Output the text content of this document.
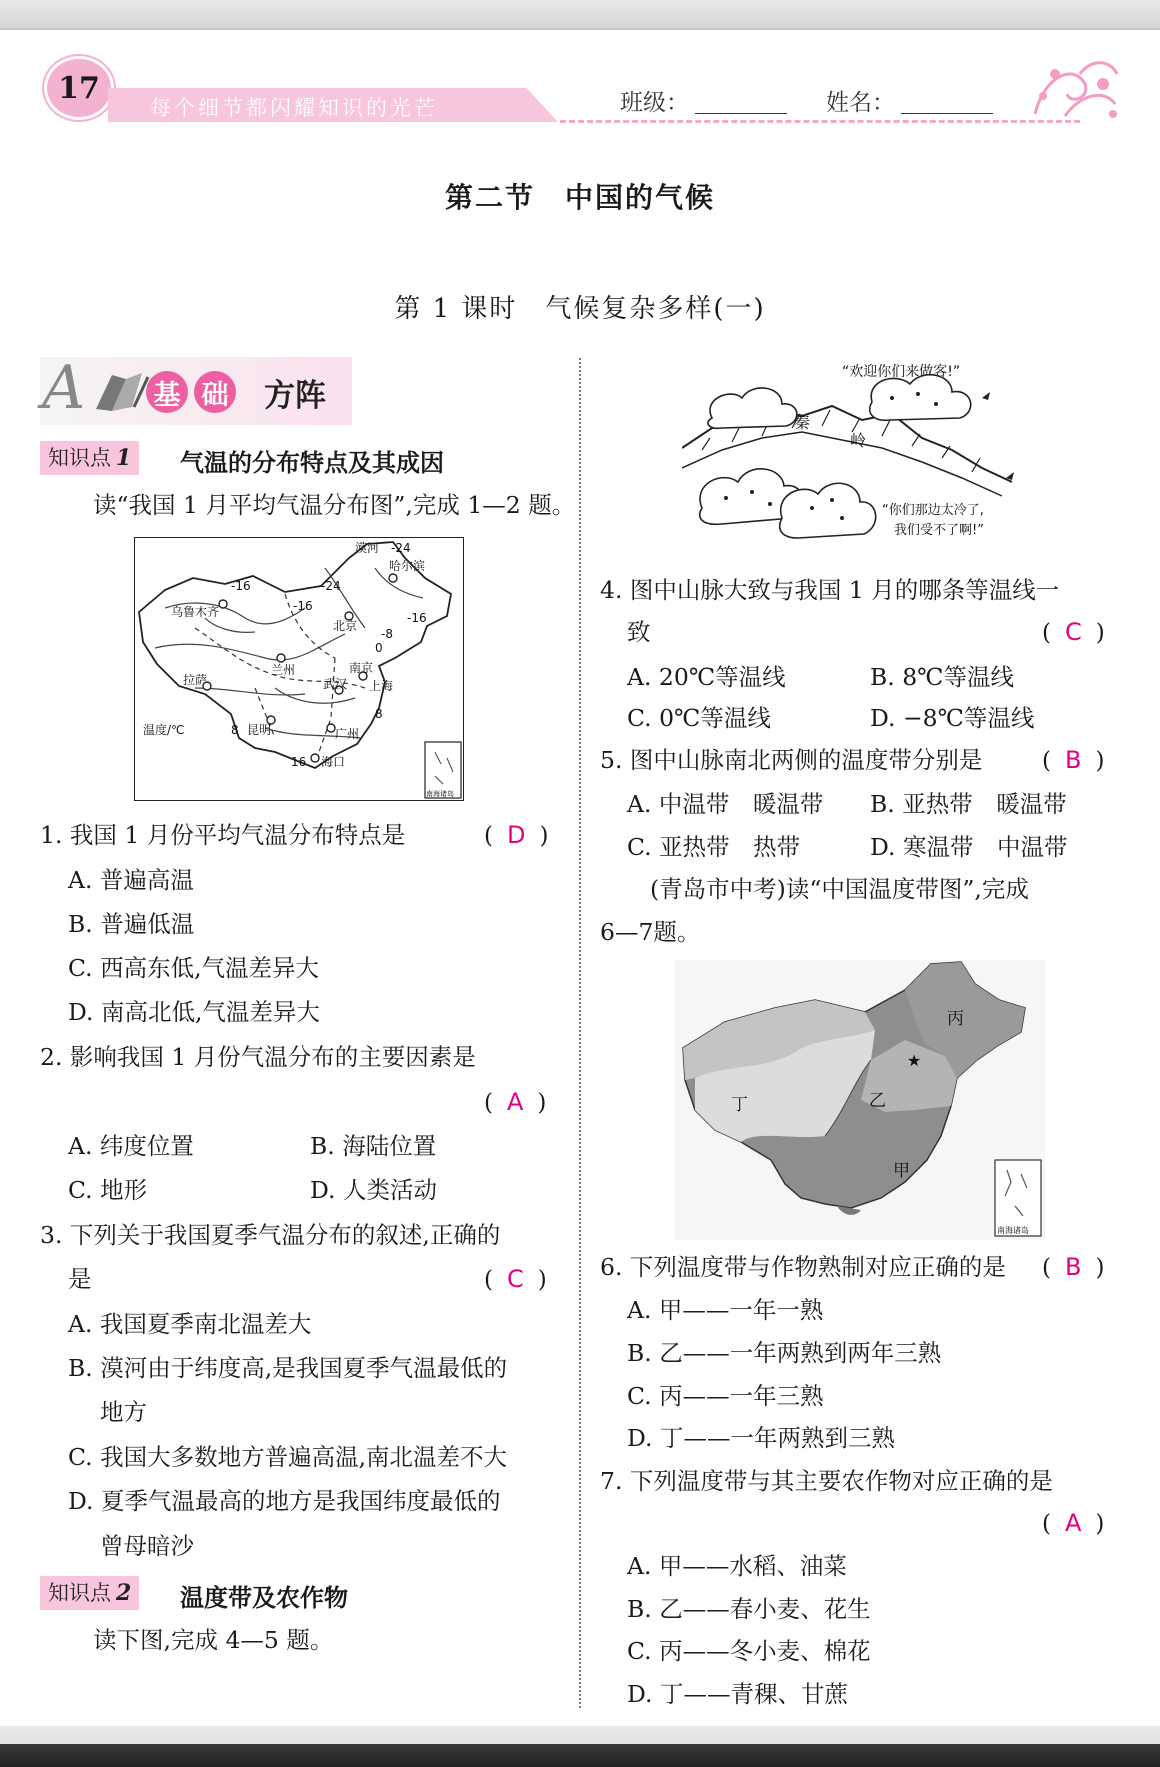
17
每个细节都闪耀知识的光芒	班级：	姓名：
第二节　中国的气候
第 1 课时　气候复杂多样(一)
A	基 础 方阵
知识点 1	气温的分布特点及其成因
读“我国 1 月平均气温分布图”,完成 1—2 题。
漠河
哈尔滨
乌鲁木齐
北京
兰州
拉萨	武汉
南京
上海
昆明	广州
海口
-24
-16	-24
-16
-16
-8
0
8
8
16
温度/℃
南海诸岛
1. 我国 1 月份平均气温分布特点是	( D )
A. 普遍高温
B. 普遍低温
C. 西高东低,气温差异大
D. 南高北低,气温差异大
2. 影响我国 1 月份气温分布的主要因素是
( A )
A. 纬度位置	B. 海陆位置
C. 地形	D. 人类活动
3. 下列关于我国夏季气温分布的叙述,正确的
是	( C )
A. 我国夏季南北温差大
B. 漠河由于纬度高,是我国夏季气温最低的
地方
C. 我国大多数地方普遍高温,南北温差不大
D. 夏季气温最高的地方是我国纬度最低的
曾母暗沙
知识点 2	温度带及农作物
读下图,完成 4—5 题。
“欢迎你们来做客!”
秦
岭
“你们那边太冷了,
我们受不了啊!”
4. 图中山脉大致与我国 1 月的哪条等温线一
致	( C )
A. 20℃等温线	B. 8℃等温线
C. 0℃等温线	D. −8℃等温线
5. 图中山脉南北两侧的温度带分别是	( B )
A. 中温带　暖温带 B. 亚热带　暖温带
C. 亚热带　热带	D. 寒温带　中温带
(青岛市中考)读“中国温度带图”,完成
6—7题。
★
丙
丁	乙
甲
南海诸岛
6. 下列温度带与作物熟制对应正确的是 ( B )
A. 甲——一年一熟
B. 乙——一年两熟到两年三熟
C. 丙——一年三熟
D. 丁——一年两熟到三熟
7. 下列温度带与其主要农作物对应正确的是
( A )
A. 甲——水稻、油菜
B. 乙——春小麦、花生
C. 丙——冬小麦、棉花
D. 丁——青稞、甘蔗
